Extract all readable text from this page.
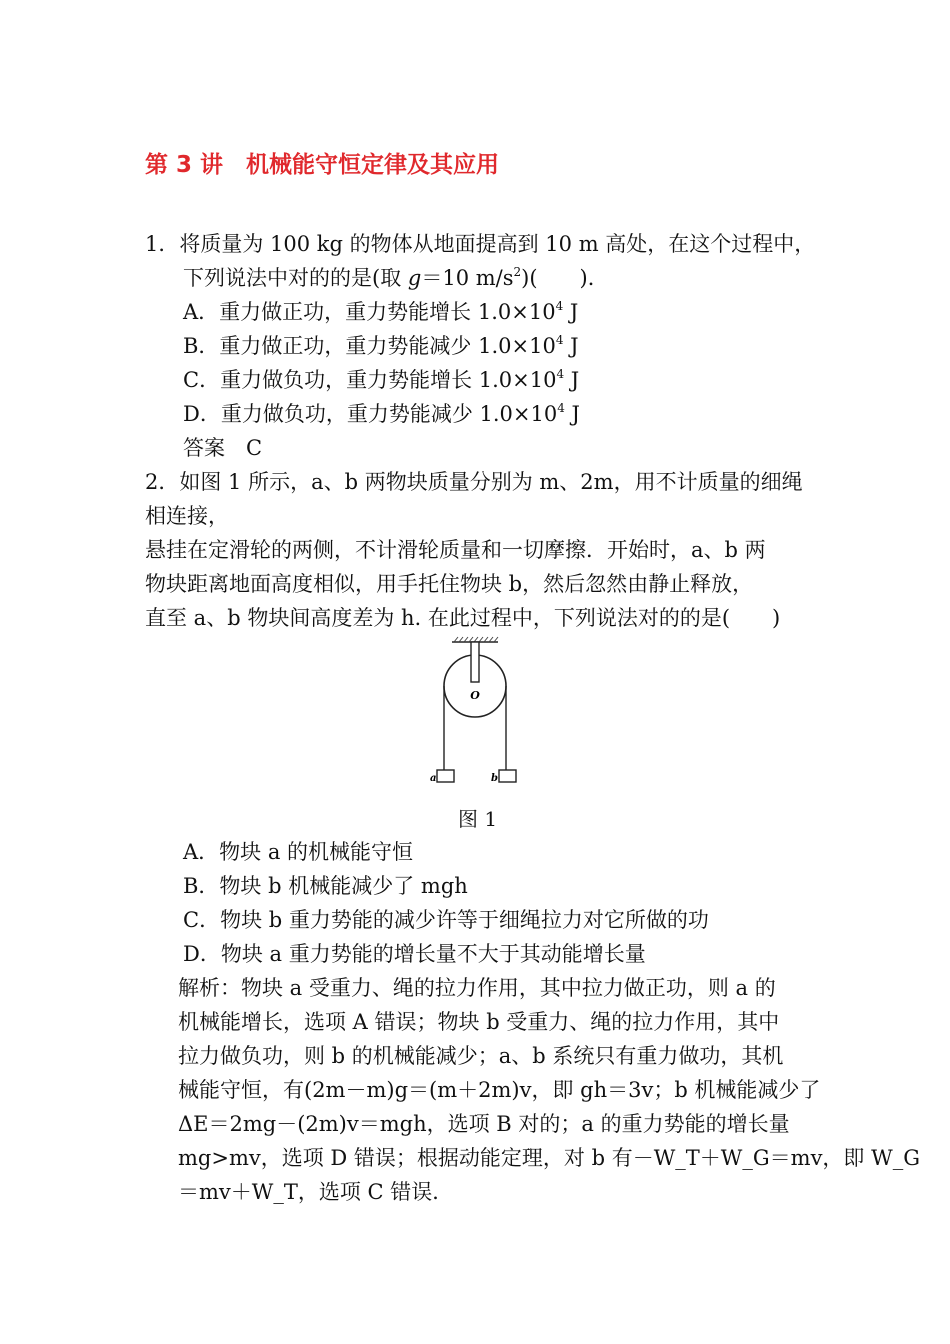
第 3 讲　机械能守恒定律及其应用
1．将质量为 100 kg 的物体从地面提高到 10 m 高处，在这个过程中，
下列说法中对的的是(取 g＝10 $m/s^2$)(　　)．
A．重力做正功，重力势能增长 $1.0\times 10^4$ J
B．重力做正功，重力势能减少 $1.0\times 10^4$ J
C．重力做负功，重力势能增长 $1.0\times 10^4$ J
D．重力做负功，重力势能减少 $1.0\times 10^4$ J
答案　C
2．如图 1 所示，a、b 两物块质量分别为 m、2m，用不计质量的细绳
相连接，
悬挂在定滑轮的两侧，不计滑轮质量和一切摩擦．开始时，a、b 两
物块距离地面高度相似，用手托住物块 b，然后忽然由静止释放，
直至 a、b 物块间高度差为 h. 在此过程中，下列说法对的的是(　　)
O
a	b
图 1
A．物块 a 的机械能守恒
B．物块 b 机械能减少了 mgh
C．物块 b 重力势能的减少许等于细绳拉力对它所做的功
D．物块 a 重力势能的增长量不大于其动能增长量
解析：物块 a 受重力、绳的拉力作用，其中拉力做正功，则 a 的
机械能增长，选项 A 错误；物块 b 受重力、绳的拉力作用，其中
拉力做负功，则 b 的机械能减少；a、b 系统只有重力做功，其机
械能守恒，有(2m－m)g＝(m＋2m)v，即 gh＝3v；b 机械能减少了
ΔE＝2mg－(2m)v＝mgh，选项 B 对的；a 的重力势能的增长量
mg>mv，选项 D 错误；根据动能定理，对 b 有－W_T＋W_G＝mv，即 W_G
＝mv＋W_T，选项 C 错误．
